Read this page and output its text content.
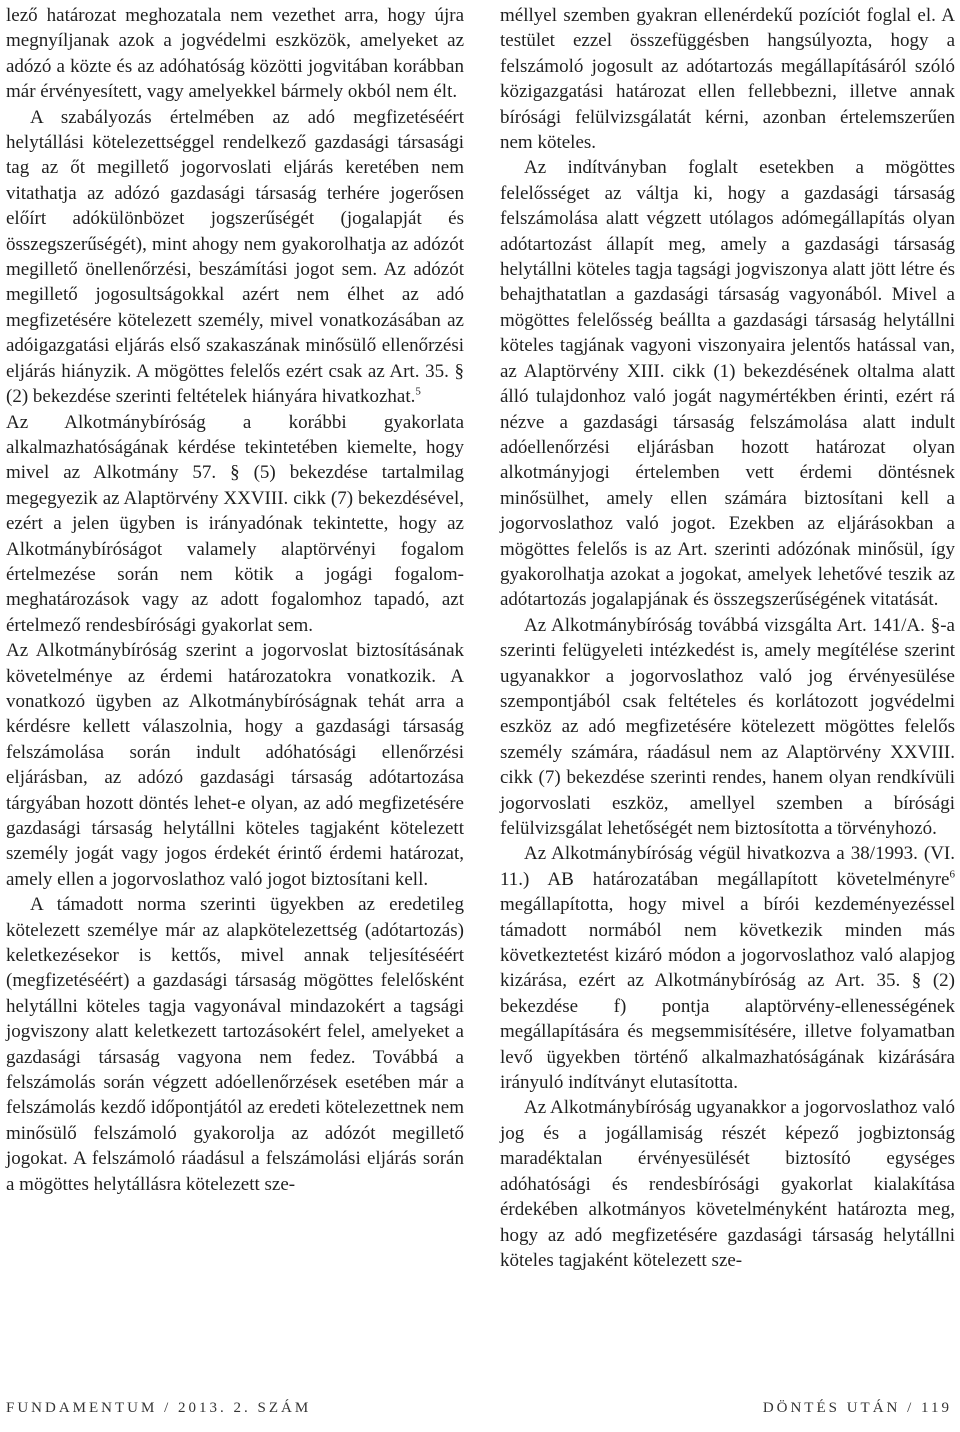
lező határozat meghozatala nem vezethet arra, hogy újra megnyíljanak azok a jogvédelmi eszközök, amelyeket az adózó a közte és az adóhatóság közötti jogvitában korábban már érvényesített, vagy amelyekkel bármely okból nem élt.

A szabályozás értelmében az adó megfizetéséért helytállási kötelezettséggel rendelkező gazdasági társasági tag az őt megillető jogorvoslati eljárás keretében nem vitathatja az adózó gazdasági társaság terhére jogerősen előírt adókülönbözet jogszerűségét (jogalapját és összegszerűségét), mint ahogy nem gyakorolhatja az adózót megillető önellenőrzési, beszámítási jogot sem. Az adózót megillető jogosultságokkal azért nem élhet az adó megfizetésére kötelezett személy, mivel vonatkozásában az adóigazgatási eljárás első szakaszának minősülő ellenőrzési eljárás hiányzik. A mögöttes felelős ezért csak az Art. 35. § (2) bekezdése szerinti feltételek hiányára hivatkozhat.$^5$

Az Alkotmánybíróság a korábbi gyakorlata alkalmazhatóságának kérdése tekintetében kiemelte, hogy mivel az Alkotmány 57. § (5) bekezdése tartalmilag megegyezik az Alaptörvény XXVIII. cikk (7) bekezdésével, ezért a jelen ügyben is irányadónak tekintette, hogy az Alkotmánybíróságot valamely alaptörvényi fogalom értelmezése során nem kötik a jogági fogalom-meghatározások vagy az adott fogalomhoz tapadó, azt értelmező rendesbírósági gyakorlat sem.

Az Alkotmánybíróság szerint a jogorvoslat biztosításának követelménye az érdemi határozatokra vonatkozik. A vonatkozó ügyben az Alkotmánybíróságnak tehát arra a kérdésre kellett válaszolnia, hogy a gazdasági társaság felszámolása során indult adóhatósági ellenőrzési eljárásban, az adózó gazdasági társaság adótartozása tárgyában hozott döntés lehet-e olyan, az adó megfizetésére gazdasági társaság helytállni köteles tagjaként kötelezett személy jogát vagy jogos érdekét érintő érdemi határozat, amely ellen a jogorvoslathoz való jogot biztosítani kell.

A támadott norma szerinti ügyekben az eredetileg kötelezett személye már az alapkötelezettség (adótartozás) keletkezésekor is kettős, mivel annak teljesítéséért (megfizetéséért) a gazdasági társaság mögöttes felelősként helytállni köteles tagja vagyonával mindazokért a tagsági jogviszony alatt keletkezett tartozásokért felel, amelyeket a gazdasági társaság vagyona nem fedez. Továbbá a felszámolás során végzett adóellenőrzések esetében már a felszámolás kezdő időpontjától az eredeti kötelezettnek nem minősülő felszámoló gyakorolja az adózót megillető jogokat. A felszámoló ráadásul a felszámolási eljárás során a mögöttes helytállásra kötelezett sze-

méllyel szemben gyakran ellenérdekű pozíciót foglal el. A testület ezzel összefüggésben hangsúlyozta, hogy a felszámoló jogosult az adótartozás megállapításáról szóló közigazgatási határozat ellen fellebbezni, illetve annak bírósági felülvizsgálatát kérni, azonban értelemszerűen nem köteles.

Az indítványban foglalt esetekben a mögöttes felelősséget az váltja ki, hogy a gazdasági társaság felszámolása alatt végzett utólagos adómegállapítás olyan adótartozást állapít meg, amely a gazdasági társaság helytállni köteles tagja tagsági jogviszonya alatt jött létre és behajthatatlan a gazdasági társaság vagyonából. Mivel a mögöttes felelősség beállta a gazdasági társaság helytállni köteles tagjának vagyoni viszonyaira jelentős hatással van, az Alaptörvény XIII. cikk (1) bekezdésének oltalma alatt álló tulajdonhoz való jogát nagymértékben érinti, ezért rá nézve a gazdasági társaság felszámolása alatt indult adóellenőrzési eljárásban hozott határozat olyan alkotmányjogi értelemben vett érdemi döntésnek minősülhet, amely ellen számára biztosítani kell a jogorvoslathoz való jogot. Ezekben az eljárásokban a mögöttes felelős is az Art. szerinti adózónak minősül, így gyakorolhatja azokat a jogokat, amelyek lehetővé teszik az adótartozás jogalapjának és összegszerűségének vitatását.

Az Alkotmánybíróság továbbá vizsgálta Art. 141/A. §-a szerinti felügyeleti intézkedést is, amely megítélése szerint ugyanakkor a jogorvoslathoz való jog érvényesülése szempontjából csak feltételes és korlátozott jogvédelmi eszköz az adó megfizetésére kötelezett mögöttes felelős személy számára, ráadásul nem az Alaptörvény XXVIII. cikk (7) bekezdése szerinti rendes, hanem olyan rendkívüli jogorvoslati eszköz, amellyel szemben a bírósági felülvizsgálat lehetőségét nem biztosította a törvényhozó.

Az Alkotmánybíróság végül hivatkozva a 38/1993. (VI. 11.) AB határozatában megállapított követelményre$^6$ megállapította, hogy mivel a bírói kezdeményezéssel támadott normából nem következik minden más következtetést kizáró módon a jogorvoslathoz való alapjog kizárása, ezért az Alkotmánybíróság az Art. 35. § (2) bekezdése f) pontja alaptörvény-ellenességének megállapítására és megsemmisítésére, illetve folyamatban levő ügyekben történő alkalmazhatóságának kizárására irányuló indítványt elutasította.

Az Alkotmánybíróság ugyanakkor a jogorvoslathoz való jog és a jogállamiság részét képező jogbiztonság maradéktalan érvényesülését biztosító egységes adóhatósági és rendesbírósági gyakorlat kialakítása érdekében alkotmányos követelményként határozta meg, hogy az adó megfizetésére gazdasági társaság helytállni köteles tagjaként kötelezett sze-

FUNDAMENTUM / 2013. 2. SZÁM	DÖNTÉS UTÁN / 119
